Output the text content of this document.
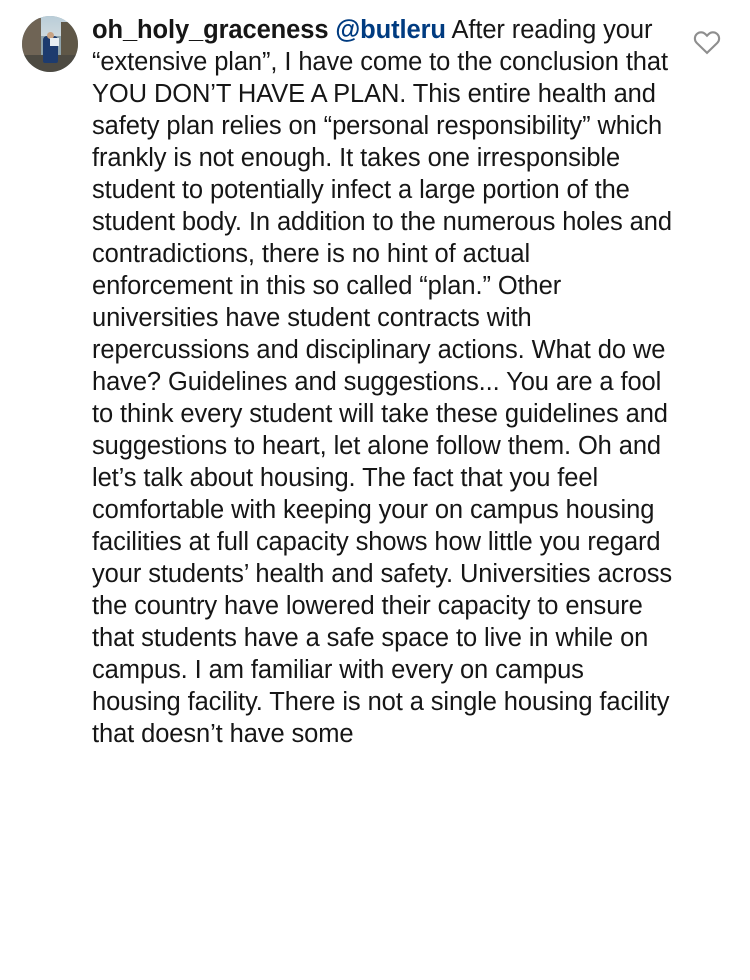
oh_holy_graceness @butleru After reading your “extensive plan”, I have come to the conclusion that YOU DON’T HAVE A PLAN. This entire health and safety plan relies on “personal responsibility” which frankly is not enough. It takes one irresponsible student to potentially infect a large portion of the student body. In addition to the numerous holes and contradictions, there is no hint of actual enforcement in this so called “plan.” Other universities have student contracts with repercussions and disciplinary actions. What do we have? Guidelines and suggestions... You are a fool to think every student will take these guidelines and suggestions to heart, let alone follow them. Oh and let’s talk about housing. The fact that you feel comfortable with keeping your on campus housing facilities at full capacity shows how little you regard your students’ health and safety. Universities across the country have lowered their capacity to ensure that students have a safe space to live in while on campus. I am familiar with every on campus housing facility. There is not a single housing facility that doesn’t have some
